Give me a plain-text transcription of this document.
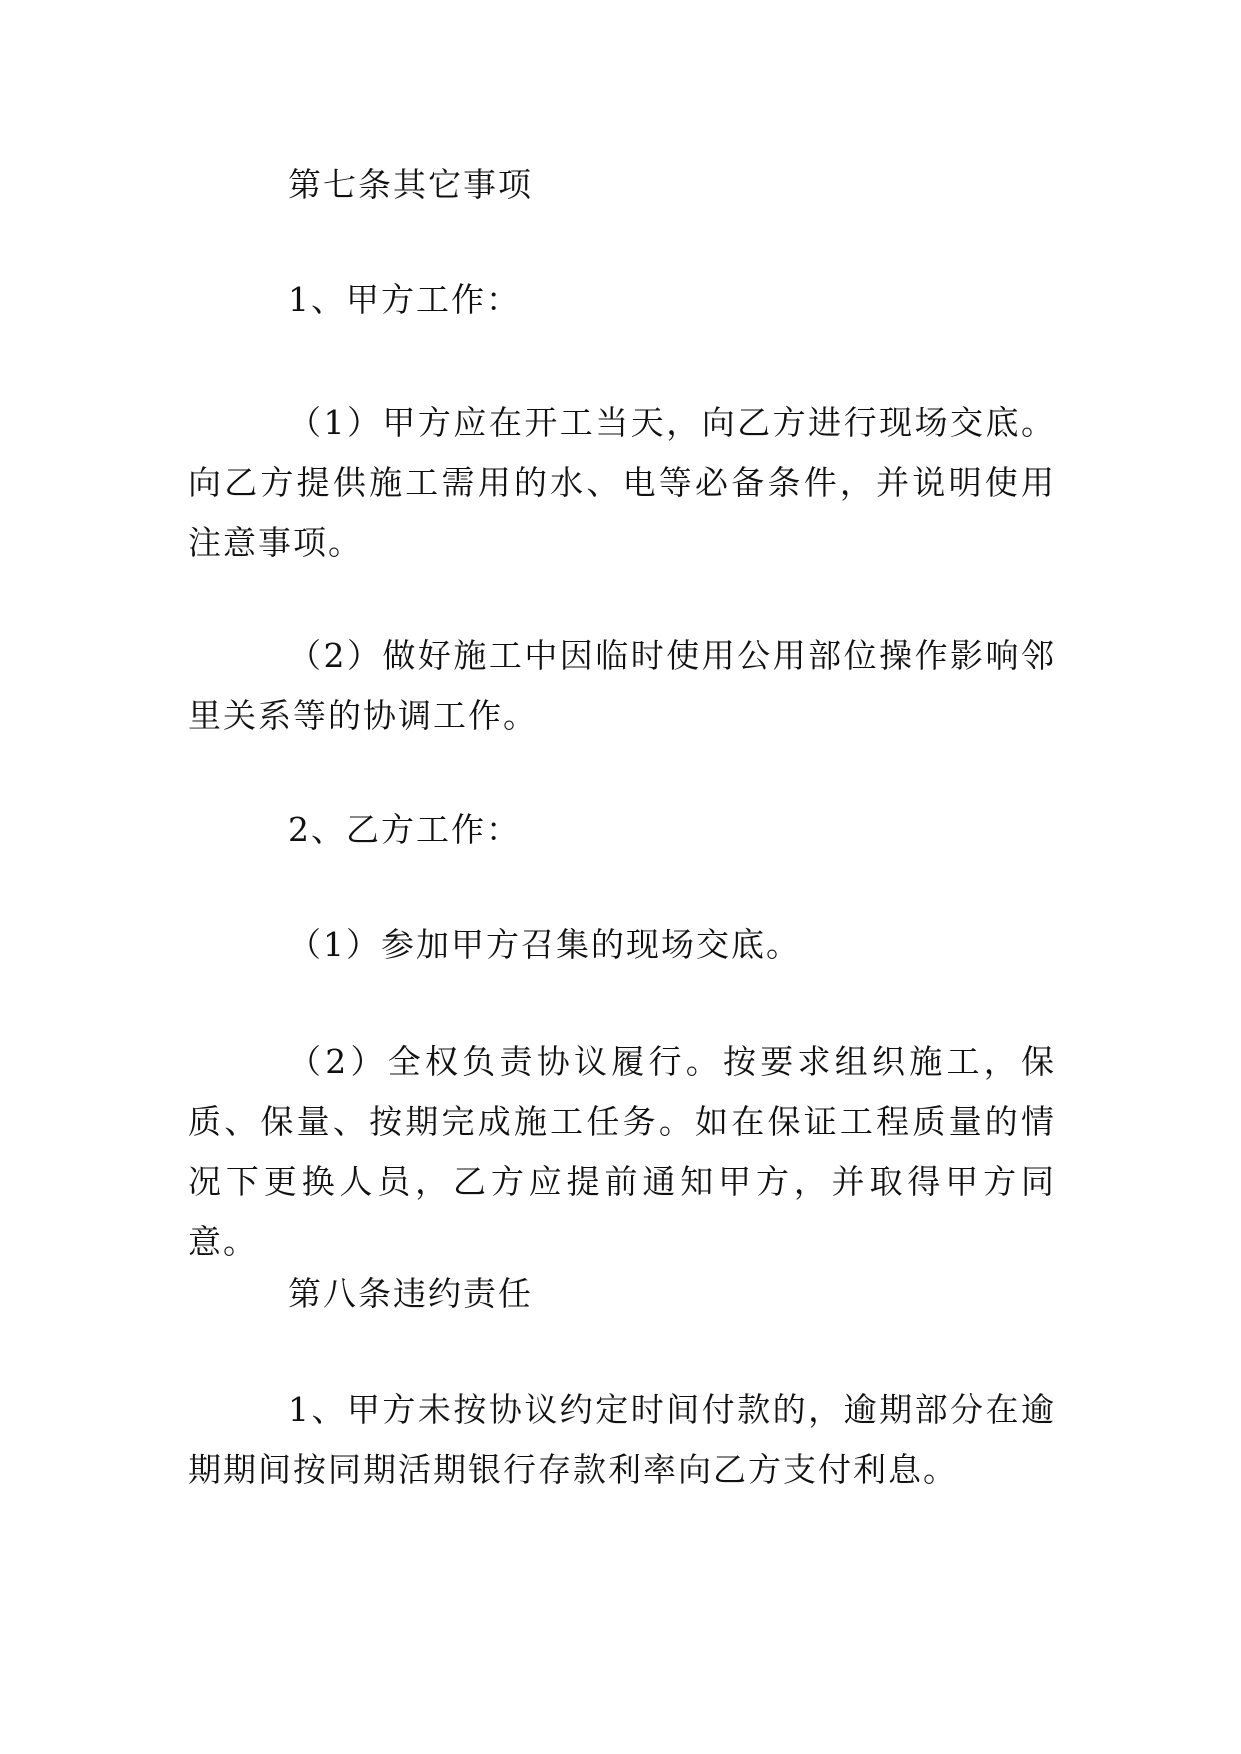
第七条其它事项

1、甲方工作：

（1）甲方应在开工当天，向乙方进行现场交底。向乙方提供施工需用的水、电等必备条件，并说明使用注意事项。

（2）做好施工中因临时使用公用部位操作影响邻里关系等的协调工作。

2、乙方工作：

（1）参加甲方召集的现场交底。

（2）全权负责协议履行。按要求组织施工，保质、保量、按期完成施工任务。如在保证工程质量的情况下更换人员，乙方应提前通知甲方，并取得甲方同意。

第八条违约责任

1、甲方未按协议约定时间付款的，逾期部分在逾期期间按同期活期银行存款利率向乙方支付利息。
